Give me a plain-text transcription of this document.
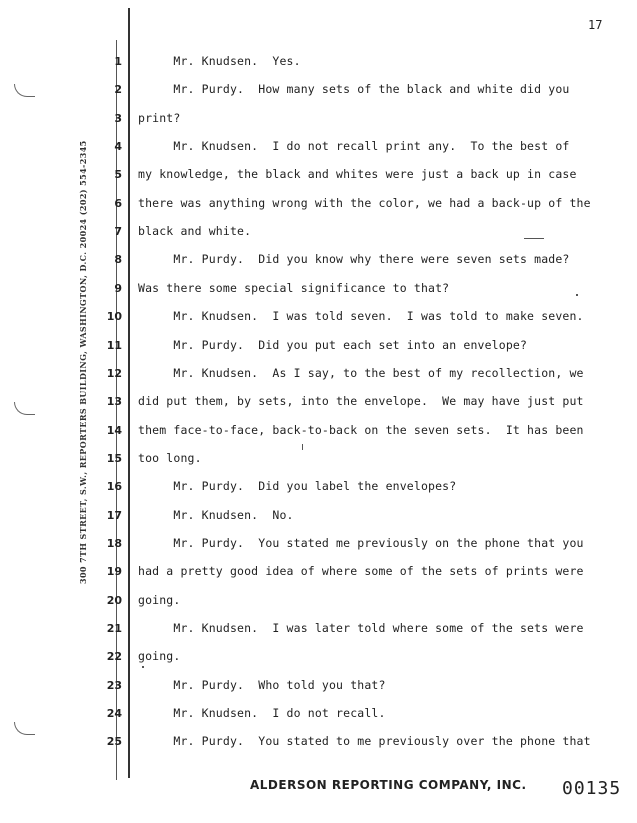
17
300 7TH STREET, S.W., REPORTERS BUILDING, WASHINGTON, D.C. 20024 (202) 554-2345
1 Mr. Knudsen.  Yes.
2 Mr. Purdy.  How many sets of the black and white did you
3 print?
4 Mr. Knudsen.  I do not recall print any.  To the best of
5 my knowledge, the black and whites were just a back up in case
6 there was anything wrong with the color, we had a back-up of the
7 black and white.
8 Mr. Purdy.  Did you know why there were seven sets made?
9 Was there some special significance to that?
10 Mr. Knudsen.  I was told seven.  I was told to make seven.
11 Mr. Purdy.  Did you put each set into an envelope?
12 Mr. Knudsen.  As I say, to the best of my recollection, we
13 did put them, by sets, into the envelope.  We may have just put
14 them face-to-face, back-to-back on the seven sets.  It has been
15 too long.
16 Mr. Purdy.  Did you label the envelopes?
17 Mr. Knudsen.  No.
18 Mr. Purdy.  You stated me previously on the phone that you
19 had a pretty good idea of where some of the sets of prints were
20 going.
21 Mr. Knudsen.  I was later told where some of the sets were
22 going.
23 Mr. Purdy.  Who told you that?
24 Mr. Knudsen.  I do not recall.
25 Mr. Purdy.  You stated to me previously over the phone that
ALDERSON REPORTING COMPANY, INC. 00135
